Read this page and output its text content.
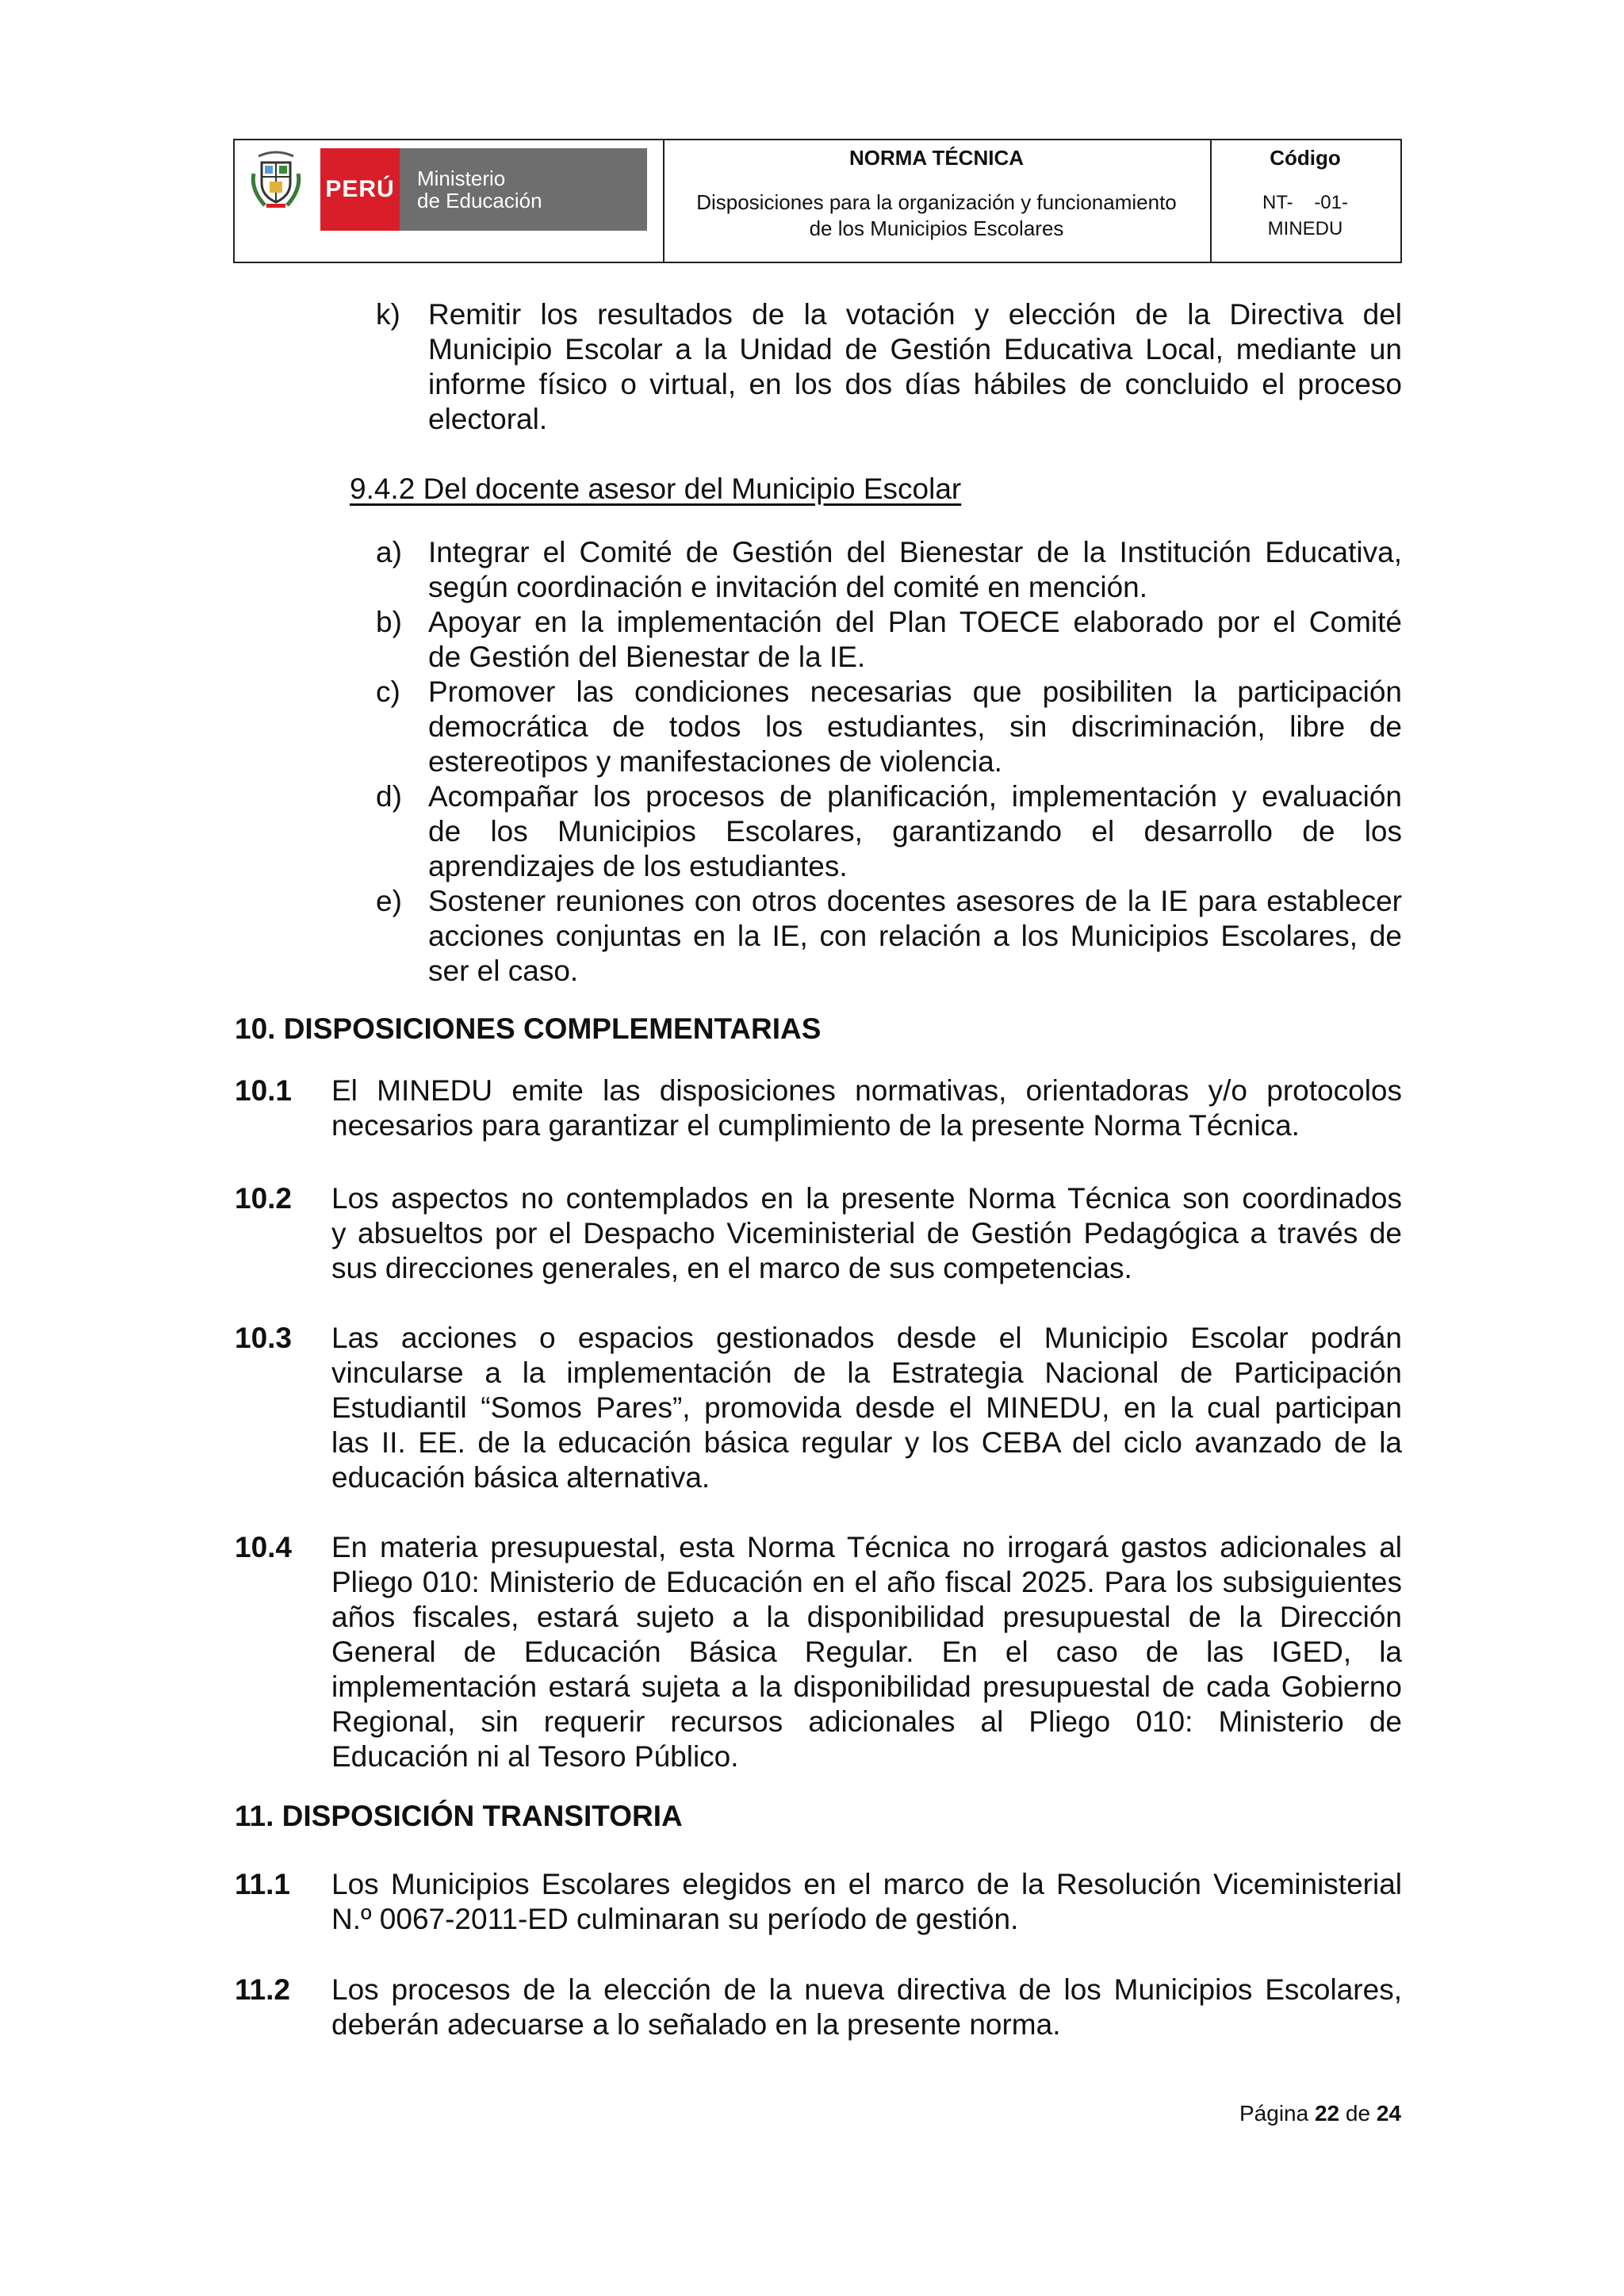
PERÚ Ministerio
de Educación
NORMA TÉCNICA
Disposiciones para la organización y funcionamiento
de los Municipios Escolares
Código
NT-    -01-
MINEDU
k) Remitir los resultados de la votación y elección de la Directiva del
Municipio Escolar a la Unidad de Gestión Educativa Local, mediante un
informe físico o virtual, en los dos días hábiles de concluido el proceso
electoral.
9.4.2 Del docente asesor del Municipio Escolar
a) Integrar el Comité de Gestión del Bienestar de la Institución Educativa,
según coordinación e invitación del comité en mención.
b) Apoyar en la implementación del Plan TOECE elaborado por el Comité
de Gestión del Bienestar de la IE.
c) Promover las condiciones necesarias que posibiliten la participación
democrática de todos los estudiantes, sin discriminación, libre de
estereotipos y manifestaciones de violencia.
d) Acompañar los procesos de planificación, implementación y evaluación
de los Municipios Escolares, garantizando el desarrollo de los
aprendizajes de los estudiantes.
e) Sostener reuniones con otros docentes asesores de la IE para establecer
acciones conjuntas en la IE, con relación a los Municipios Escolares, de
ser el caso.
10. DISPOSICIONES COMPLEMENTARIAS
10.1 El MINEDU emite las disposiciones normativas, orientadoras y/o protocolos
necesarios para garantizar el cumplimiento de la presente Norma Técnica.
10.2 Los aspectos no contemplados en la presente Norma Técnica son coordinados
y absueltos por el Despacho Viceministerial de Gestión Pedagógica a través de
sus direcciones generales, en el marco de sus competencias.
10.3 Las acciones o espacios gestionados desde el Municipio Escolar podrán
vincularse a la implementación de la Estrategia Nacional de Participación
Estudiantil “Somos Pares”, promovida desde el MINEDU, en la cual participan
las II. EE. de la educación básica regular y los CEBA del ciclo avanzado de la
educación básica alternativa.
10.4 En materia presupuestal, esta Norma Técnica no irrogará gastos adicionales al
Pliego 010: Ministerio de Educación en el año fiscal 2025. Para los subsiguientes
años fiscales, estará sujeto a la disponibilidad presupuestal de la Dirección
General de Educación Básica Regular. En el caso de las IGED, la
implementación estará sujeta a la disponibilidad presupuestal de cada Gobierno
Regional, sin requerir recursos adicionales al Pliego 010: Ministerio de
Educación ni al Tesoro Público.
11. DISPOSICIÓN TRANSITORIA
11.1 Los Municipios Escolares elegidos en el marco de la Resolución Viceministerial
N.º 0067-2011-ED culminaran su período de gestión.
11.2 Los procesos de la elección de la nueva directiva de los Municipios Escolares,
deberán adecuarse a lo señalado en la presente norma.
Página 22 de 24
